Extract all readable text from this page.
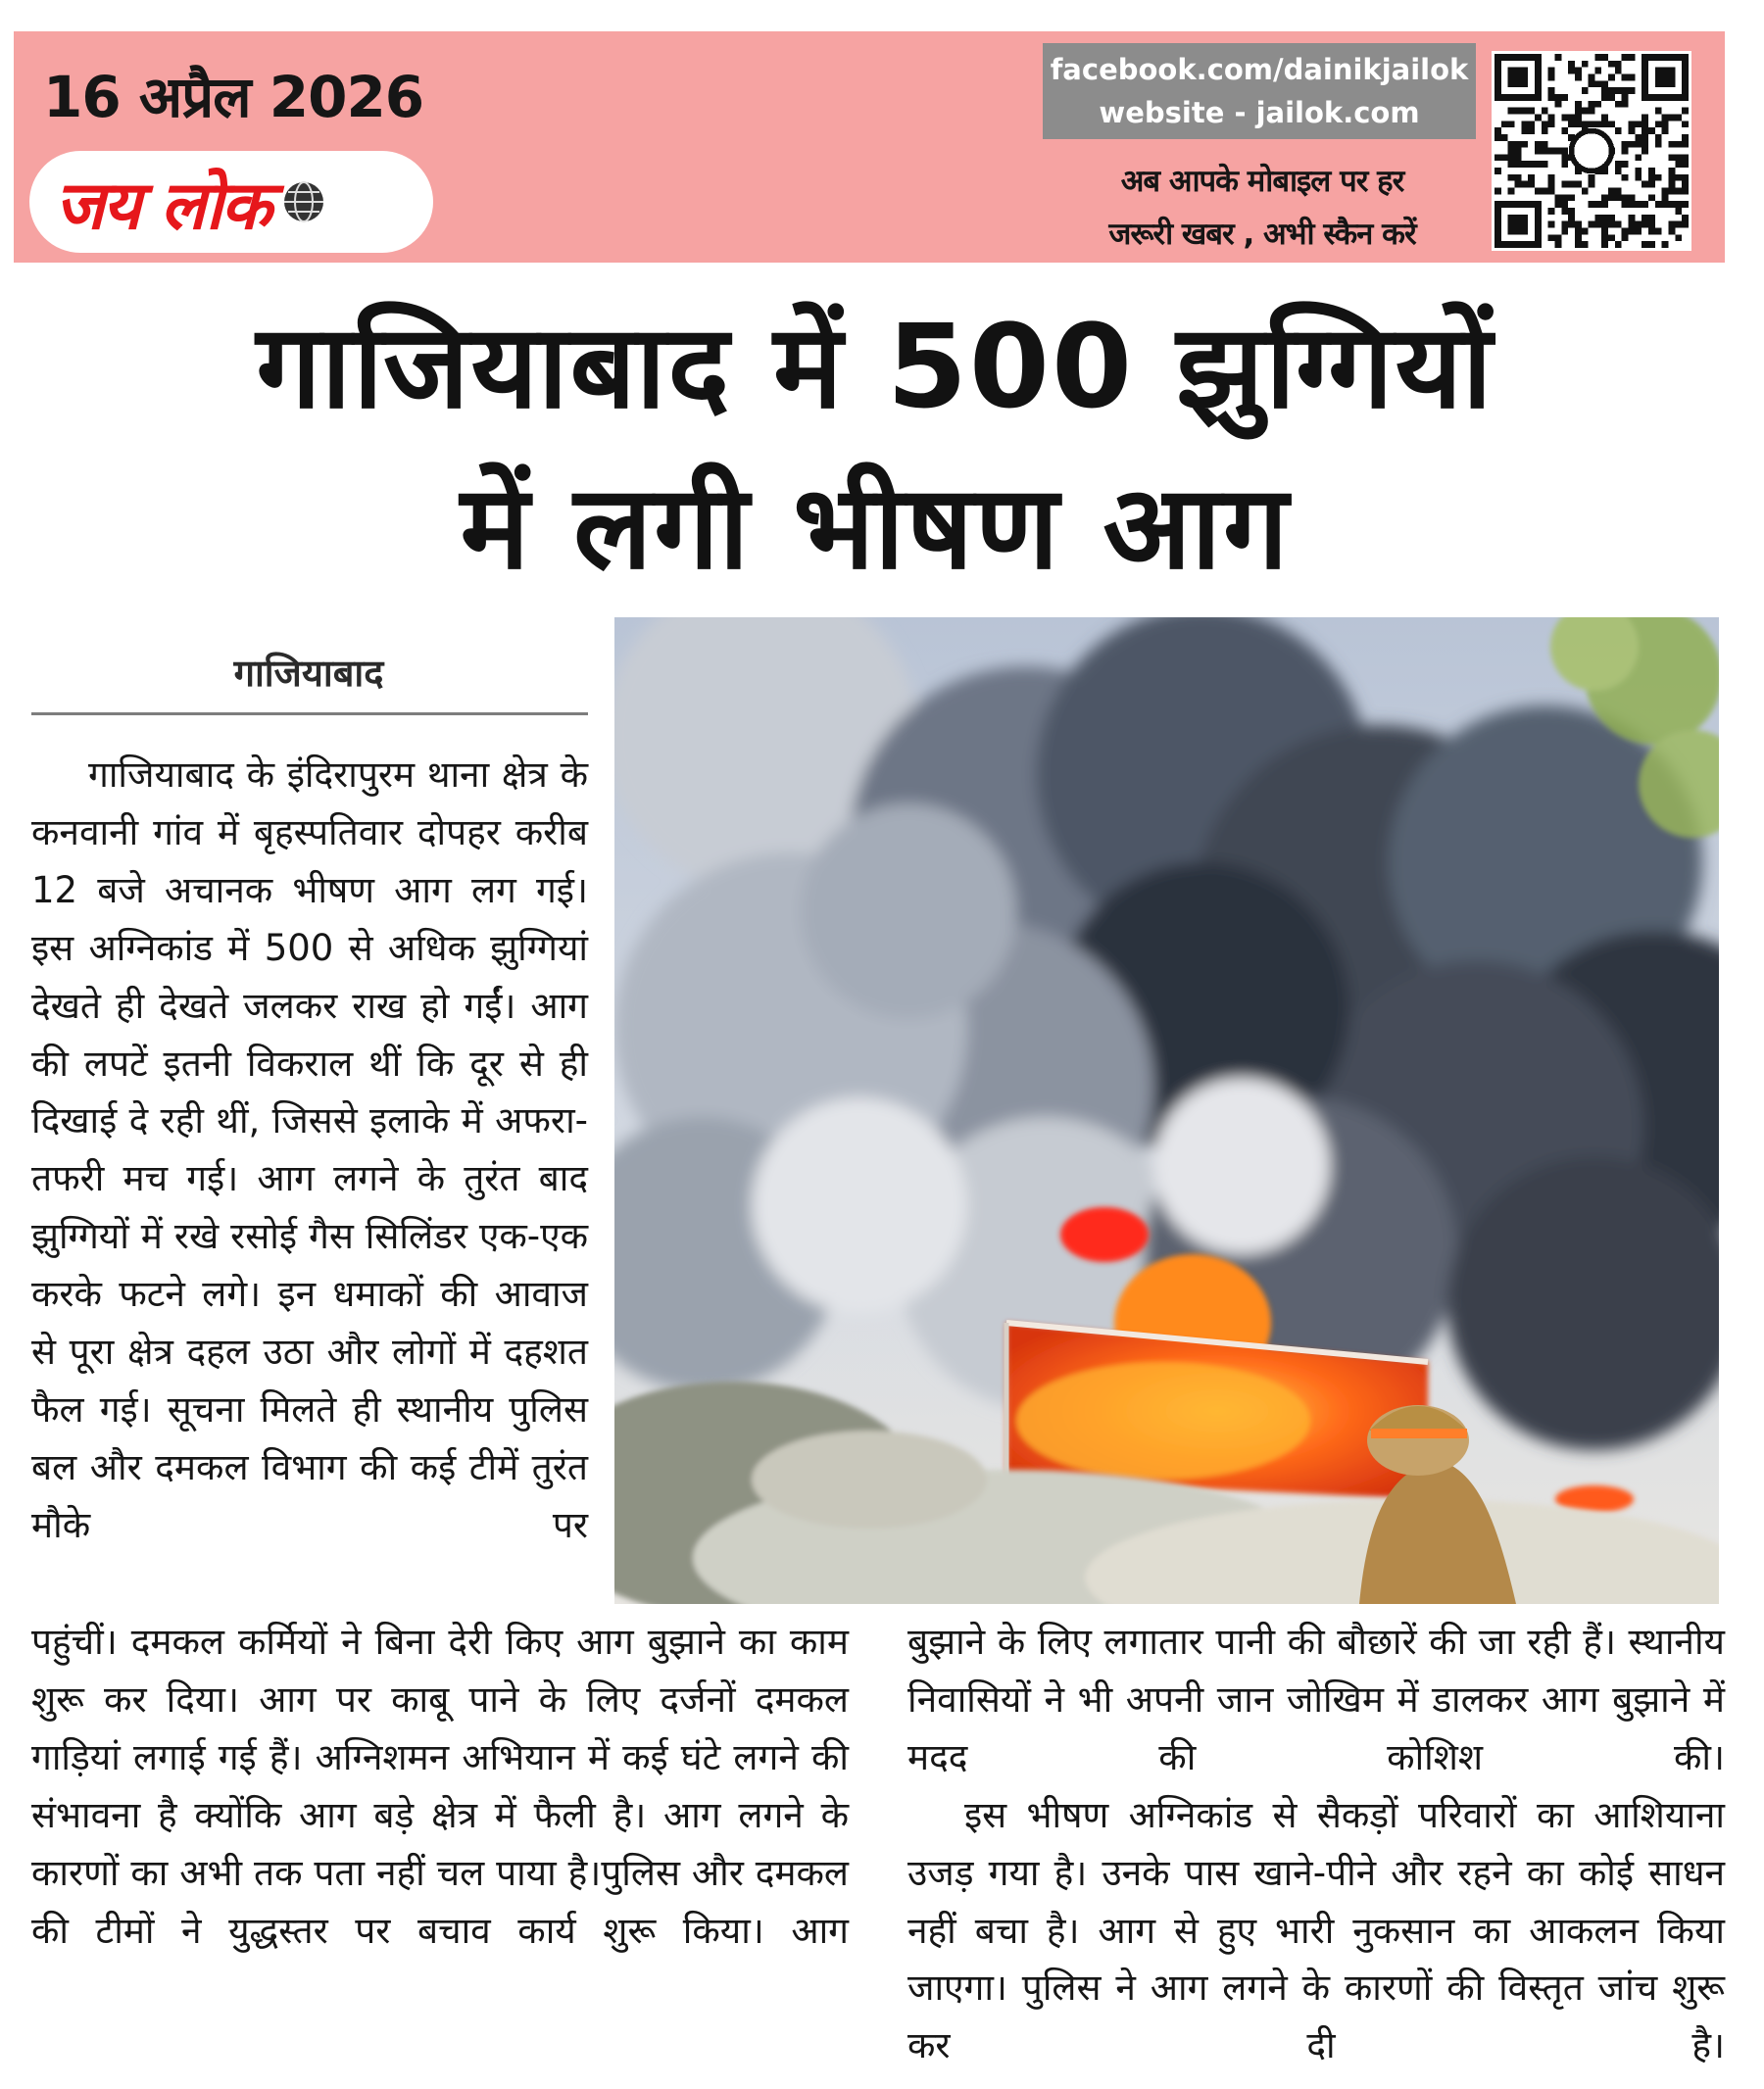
16 अप्रैल 2026
जय लोक
facebook.com/dainikjailok
website - jailok.com
अब आपके मोबाइल पर हर
जरूरी खबर , अभी स्कैन करें
गाजियाबाद में 500 झुग्गियों
में लगी भीषण आग
गाजियाबाद

गाजियाबाद के इंदिरापुरम थाना क्षेत्र के कनवानी गांव में बृहस्पतिवार दोपहर करीब 12 बजे अचानक भीषण आग लग गई। इस अग्निकांड में 500 से अधिक झुग्गियां देखते ही देखते जलकर राख हो गईं। आग की लपटें इतनी विकराल थीं कि दूर से ही दिखाई दे रही थीं, जिससे इलाके में अफरा-तफरी मच गई। आग लगने के तुरंत बाद झुग्गियों में रखे रसोई गैस सिलिंडर एक-एक करके फटने लगे। इन धमाकों की आवाज से पूरा क्षेत्र दहल उठा और लोगों में दहशत फैल गई। सूचना मिलते ही स्थानीय पुलिस बल और दमकल विभाग की कई टीमें तुरंत मौके पर

पहुंचीं। दमकल कर्मियों ने बिना देरी किए आग बुझाने का काम शुरू कर दिया। आग पर काबू पाने के लिए दर्जनों दमकल गाड़ियां लगाई गई हैं। अग्निशमन अभियान में कई घंटे लगने की संभावना है क्योंकि आग बड़े क्षेत्र में फैली है। आग लगने के कारणों का अभी तक पता नहीं चल पाया है।पुलिस और दमकल की टीमों ने युद्धस्तर पर बचाव कार्य शुरू किया। आग

बुझाने के लिए लगातार पानी की बौछारें की जा रही हैं। स्थानीय निवासियों ने भी अपनी जान जोखिम में डालकर आग बुझाने में मदद की कोशिश की।

इस भीषण अग्निकांड से सैकड़ों परिवारों का आशियाना उजड़ गया है। उनके पास खाने-पीने और रहने का कोई साधन नहीं बचा है। आग से हुए भारी नुकसान का आकलन किया जाएगा। पुलिस ने आग लगने के कारणों की विस्तृत जांच शुरू कर दी है।
